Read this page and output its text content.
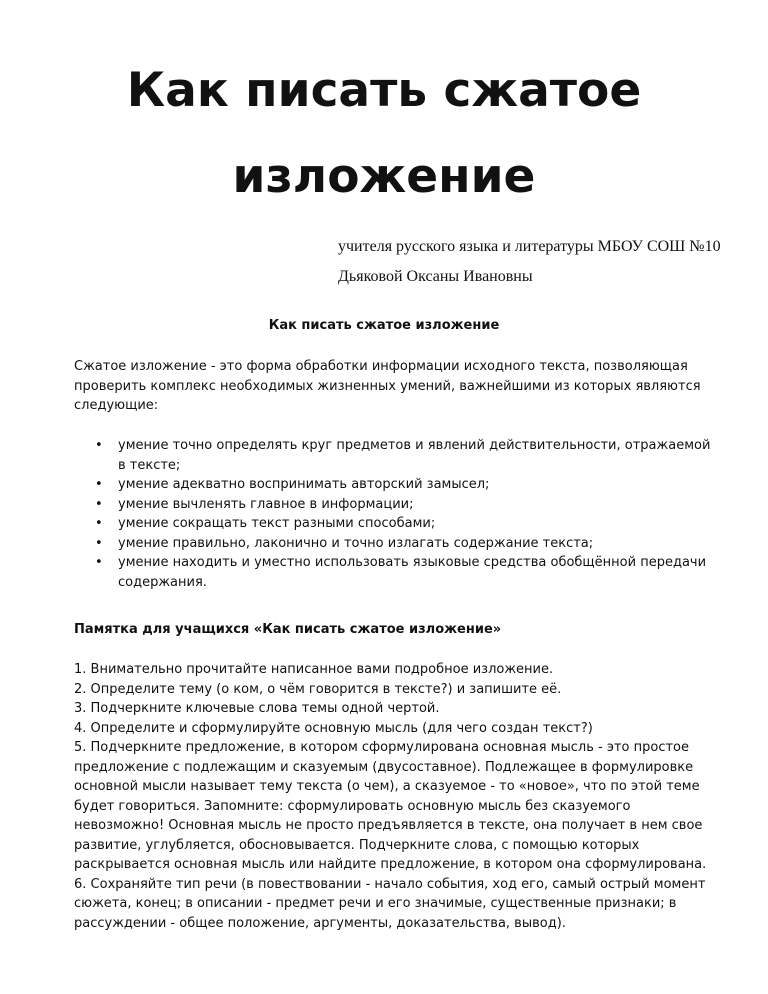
Как писать сжатое
изложение
учителя русского языка и литературы МБОУ СОШ №10
Дьяковой Оксаны Ивановны
Как писать сжатое изложение

Сжатое изложение - это форма обработки информации исходного текста, позволяющая проверить комплекс необходимых жизненных умений, важнейшими из которых являются следующие:

• умение точно определять круг предметов и явлений действительности, отражаемой в тексте;
• умение адекватно воспринимать авторский замысел;
• умение вычленять главное в информации;
• умение сокращать текст разными способами;
• умение правильно, лаконично и точно излагать содержание текста;
• умение находить и уместно использовать языковые средства обобщённой передачи содержания.
Памятка для учащихся «Как писать сжатое изложение»
1. Внимательно прочитайте написанное вами подробное изложение.
2. Определите тему (о ком, о чём говорится в тексте?) и запишите её.
3. Подчеркните ключевые слова темы одной чертой.
4. Определите и сформулируйте основную мысль (для чего создан текст?)
5. Подчеркните предложение, в котором сформулирована основная мысль - это простое предложение с подлежащим и сказуемым (двусоставное). Подлежащее в формулировке основной мысли называет тему текста (о чем), а сказуемое - то «новое», что по этой теме будет говориться. Запомните: сформулировать основную мысль без сказуемого невозможно! Основная мысль не просто предъявляется в тексте, она получает в нем свое развитие, углубляется, обосновывается. Подчеркните слова, с помощью которых раскрывается основная мысль или найдите предложение, в котором она сформулирована.
6. Сохраняйте тип речи (в повествовании - начало события, ход его, самый острый момент сюжета, конец; в описании - предмет речи и его значимые, существенные признаки; в рассуждении - общее положение, аргументы, доказательства, вывод).
